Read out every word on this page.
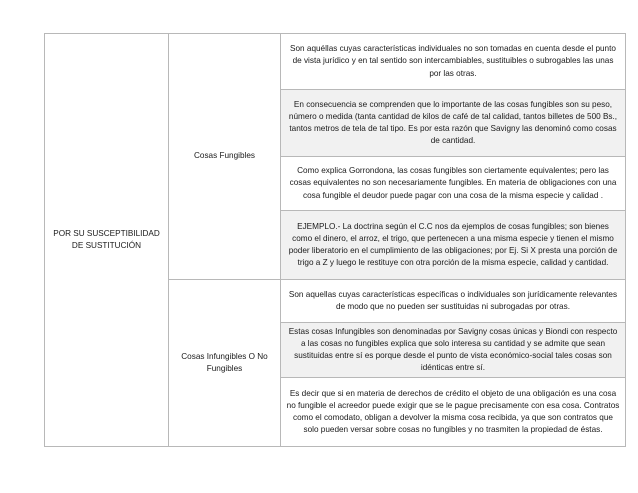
POR SU SUSCEPTIBILIDAD DE SUSTITUCIÓN	Cosas Fungibles	Son aquéllas cuyas características individuales no son tomadas en cuenta desde el punto de vista jurídico y en tal sentido son intercambiables, sustituibles o subrogables las unas por las otras.
		En consecuencia se comprenden que lo importante de las cosas fungibles son su peso, número o medida (tanta cantidad de kilos de café de tal calidad, tantos billetes de 500 Bs., tantos metros de tela de tal tipo. Es por esta razón que Savigny las denominó como cosas de cantidad.
		Como explica Gorrondona, las cosas fungibles son ciertamente equivalentes; pero las cosas equivalentes no son necesariamente fungibles. En materia de obligaciones con una cosa fungible el deudor puede pagar con una cosa de la misma especie y calidad .
		EJEMPLO.- La doctrina según el C.C nos da ejemplos de cosas fungibles; son bienes como el dinero, el arroz, el trigo, que pertenecen a una misma especie y tienen el mismo poder liberatorio en el cumplimiento de las obligaciones; por Ej. Si X presta una porción de trigo a Z y luego le restituye con otra porción de la misma especie, calidad y cantidad.
	Cosas Infungibles O No Fungibles	Son aquellas cuyas características específicas o individuales son jurídicamente relevantes de modo que no pueden ser sustituidas ni subrogadas por otras.
		Estas cosas Infungibles son denominadas por Savigny cosas únicas y Biondi con respecto a las cosas no fungibles explica que solo interesa su cantidad y se admite que sean sustituidas entre sí es porque desde el punto de vista económico-social tales cosas son idénticas entre sí.
		Es decir que si en materia de derechos de crédito el objeto de una obligación es una cosa no fungible el acreedor puede exigir que se le pague precisamente con esa cosa. Contratos como el comodato, obligan a devolver la misma cosa recibida, ya que son contratos que solo pueden versar sobre cosas no fungibles y no trasmiten la propiedad de éstas.
